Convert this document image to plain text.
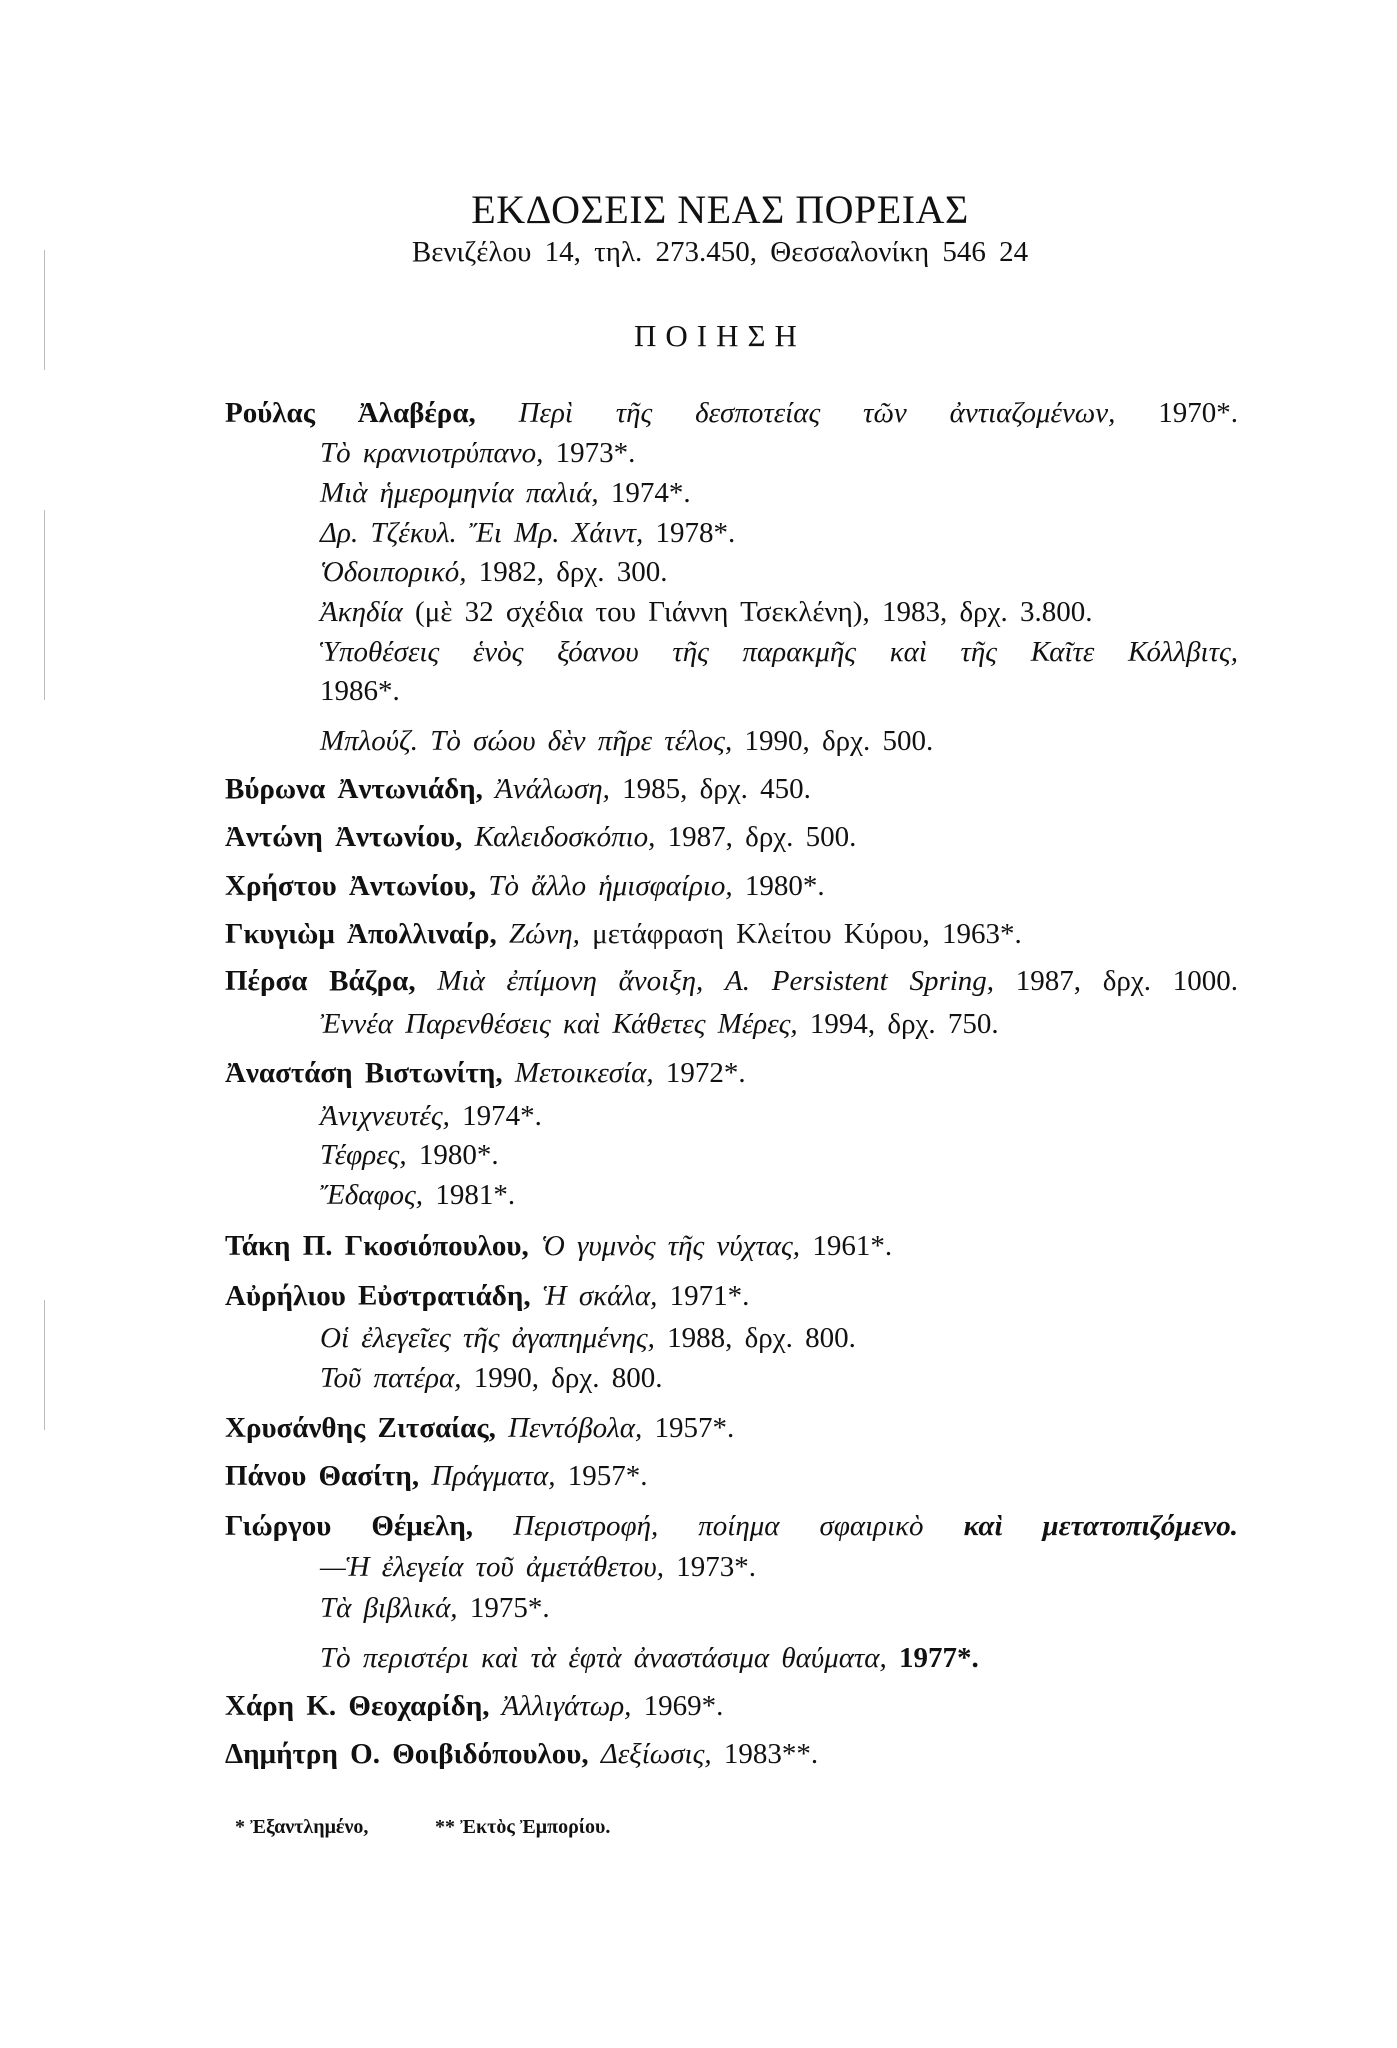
ΕΚΔΟΣΕΙΣ ΝΕΑΣ ΠΟΡΕΙΑΣ
Βενιζέλου 14, τηλ. 273.450, Θεσσαλονίκη 546 24
ΠΟΙΗΣΗ
Ρούλας Ἀλαβέρα, Περὶ τῆς δεσποτείας τῶν ἀντιαζομένων, 1970*.
Τὸ κρανιοτρύπανο, 1973*.
Μιὰ ἡμερομηνία παλιά, 1974*.
Δρ. Τζέκυλ. Ἔι Μρ. Χάιντ, 1978*.
Ὁδοιπορικό, 1982, δρχ. 300.
Ἀκηδία (μὲ 32 σχέδια του Γιάννη Τσεκλένη), 1983, δρχ. 3.800.
Ὑποθέσεις ἑνὸς ξόανου τῆς παρακμῆς καὶ τῆς Καῖτε Κόλλβιτς,
1986*.
Μπλούζ. Τὸ σώου δὲν πῆρε τέλος, 1990, δρχ. 500.
Βύρωνα Ἀντωνιάδη, Ἀνάλωση, 1985, δρχ. 450.
Ἀντώνη Ἀντωνίου, Καλειδοσκόπιο, 1987, δρχ. 500.
Χρήστου Ἀντωνίου, Τὸ ἄλλο ἡμισφαίριο, 1980*.
Γκυγιὼμ Ἀπολλιναίρ, Ζώνη, μετάφραση Κλείτου Κύρου, 1963*.
Πέρσα Βάζρα, Μιὰ ἐπίμονη ἄνοιξη, A. Persistent Spring, 1987, δρχ. 1000.
Ἐννέα Παρενθέσεις καὶ Κάθετες Μέρες, 1994, δρχ. 750.
Ἀναστάση Βιστωνίτη, Μετοικεσία, 1972*.
Ἀνιχνευτές, 1974*.
Τέφρες, 1980*.
Ἔδαφος, 1981*.
Τάκη Π. Γκοσιόπουλου, Ὁ γυμνὸς τῆς νύχτας, 1961*.
Αὐρήλιου Εὐστρατιάδη, Ἡ σκάλα, 1971*.
Οἱ ἐλεγεῖες τῆς ἀγαπημένης, 1988, δρχ. 800.
Τοῦ πατέρα, 1990, δρχ. 800.
Χρυσάνθης Ζιτσαίας, Πεντόβολα, 1957*.
Πάνου Θασίτη, Πράγματα, 1957*.
Γιώργου Θέμελη, Περιστροφή, ποίημα σφαιρικὸ καὶ μετατοπιζόμενο.
—Ἡ ἐλεγεία τοῦ ἀμετάθετου, 1973*.
Τὰ βιβλικά, 1975*.
Τὸ περιστέρι καὶ τὰ ἑφτὰ ἀναστάσιμα θαύματα, 1977*.
Χάρη Κ. Θεοχαρίδη, Ἀλλιγάτωρ, 1969*.
Δημήτρη Ο. Θοιβιδόπουλου, Δεξίωσις, 1983**.
* Ἐξαντλημένο,	** Ἐκτὸς Ἐμπορίου.
